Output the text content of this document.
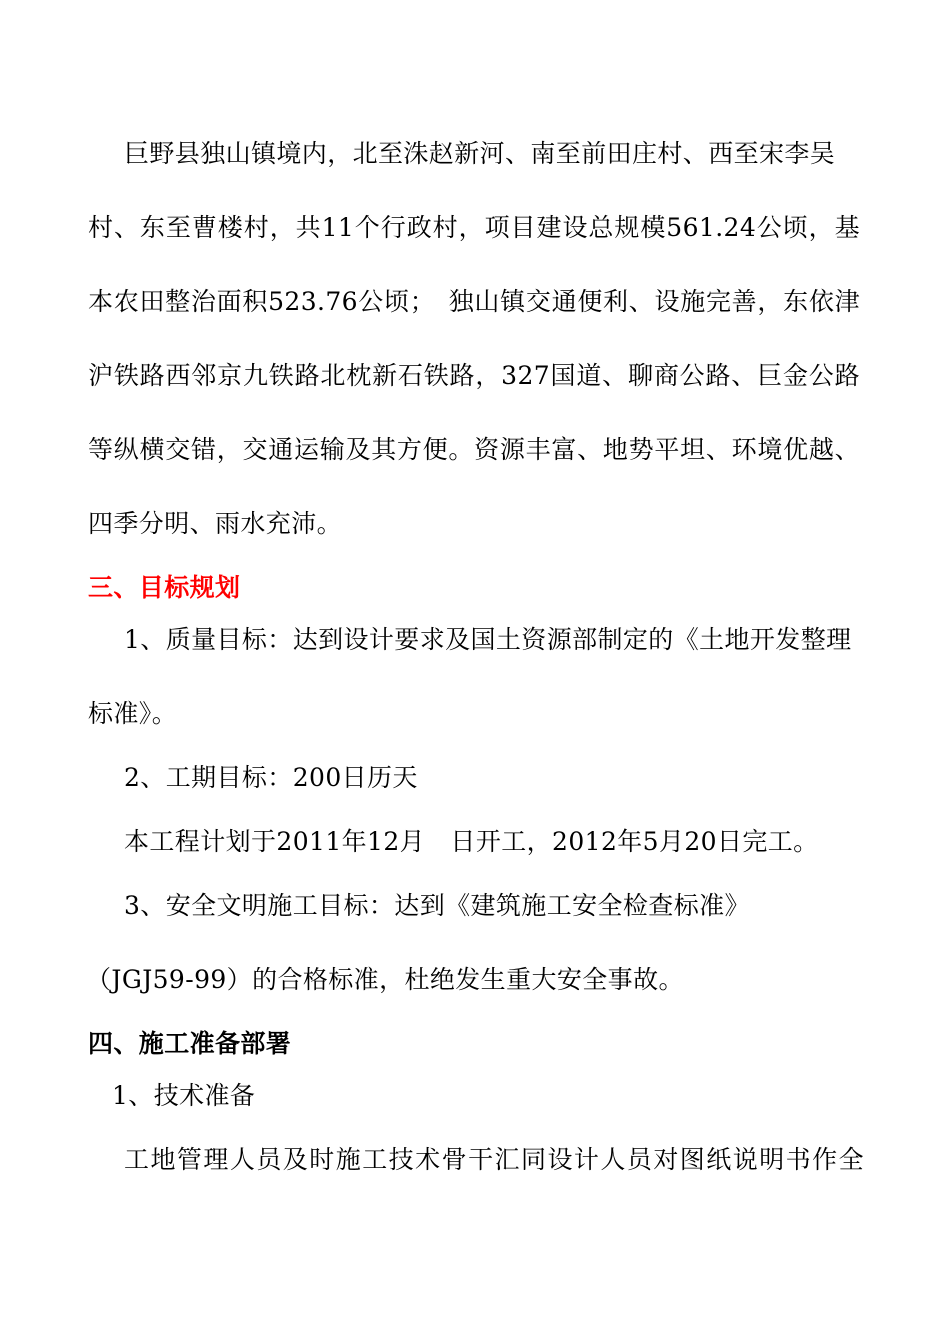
巨野县独山镇境内，北至洙赵新河、南至前田庄村、西至宋李吴
村、东至曹楼村，共11个行政村，项目建设总规模561.24公顷，基
本农田整治面积523.76公顷；　独山镇交通便利、设施完善，东依津
沪铁路西邻京九铁路北枕新石铁路，327国道、聊商公路、巨金公路
等纵横交错，交通运输及其方便。资源丰富、地势平坦、环境优越、
四季分明、雨水充沛。
三、目标规划
1、质量目标：达到设计要求及国土资源部制定的《土地开发整理
标准》。
2、工期目标：200日历天
本工程计划于2011年12月　日开工，2012年5月20日完工。
3、安全文明施工目标：达到《建筑施工安全检查标准》
（JGJ59-99）的合格标准，杜绝发生重大安全事故。
四、施工准备部署
1、技术准备
工地管理人员及时施工技术骨干汇同设计人员对图纸说明书作全
